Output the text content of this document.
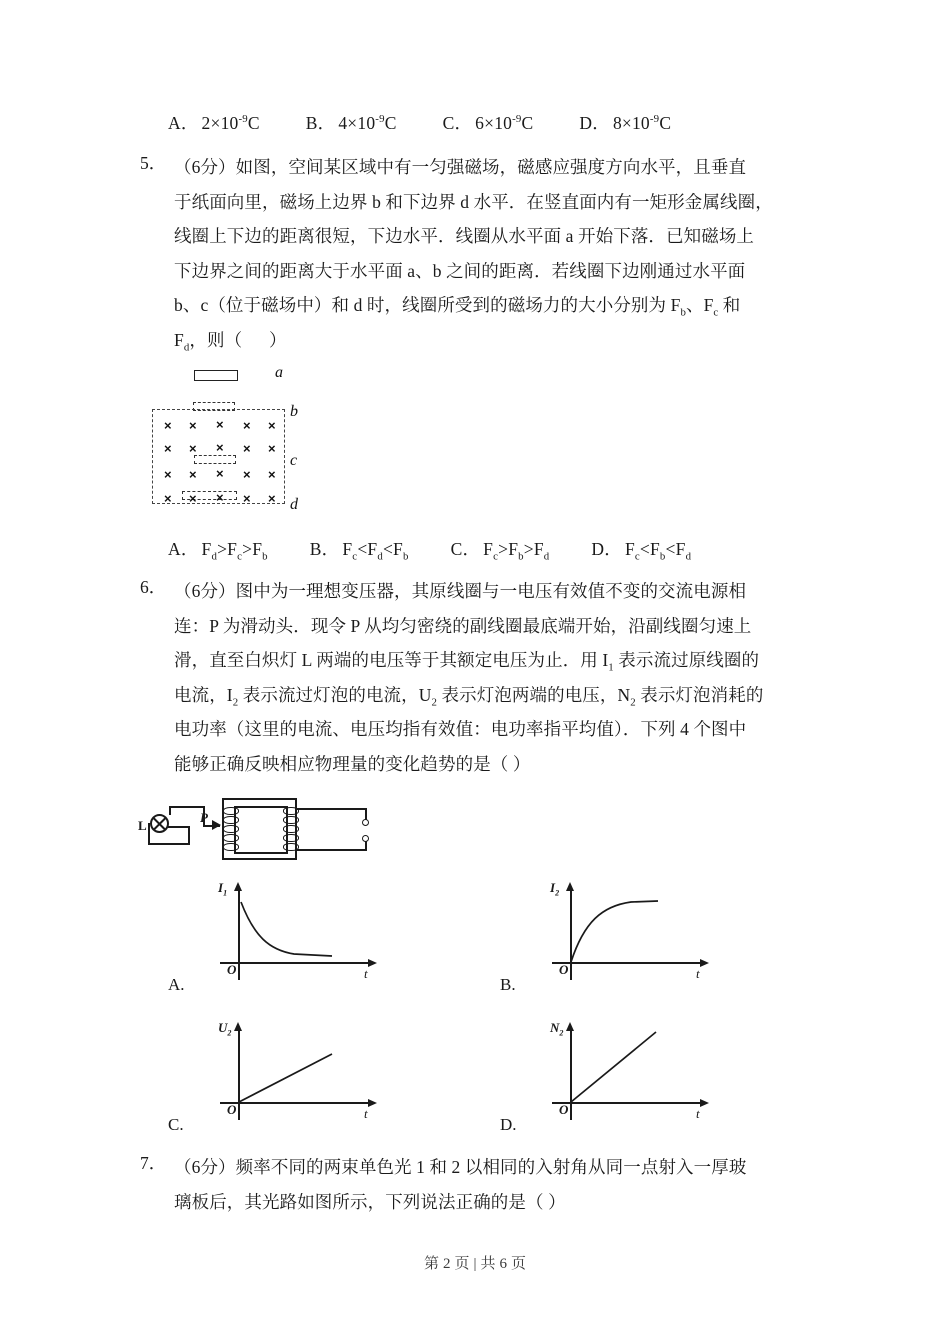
A． $2\times 10^{-9}C$	B． $4\times 10^{-9}C$	C． $6\times 10^{-9}C$	D． $8\times 10^{-9}C$
5． （6分）如图，空间某区域中有一匀强磁场，磁感应强度方向水平，且垂直
于纸面向里，磁场上边界 b 和下边界 d 水平．在竖直面内有一矩形金属线圈，
线圈上下边的距离很短，下边水平．线圈从水平面 a 开始下落．已知磁场上
下边界之间的距离大于水平面 a、b 之间的距离．若线圈下边刚通过水平面
b、c（位于磁场中）和 d 时，线圈所受到的磁场力的大小分别为 $F_b$、$F_c$ 和
$F_d$，则（      ）
a
× × × × ×
× × × × ×
× × × × ×
× × × × ×
b
c
d
A． $F_d>F_c>F_b$ B． $F_c<F_d<F_b$ C． $F_c>F_b>F_d$ D． $F_c<F_b<F_d$
6． （6分）图中为一理想变压器，其原线圈与一电压有效值不变的交流电源相
连：P 为滑动头．现令 P 从均匀密绕的副线圈最底端开始，沿副线圈匀速上
滑，直至白炽灯 L 两端的电压等于其额定电压为止．用 $I_1$ 表示流过原线圈的
电流，$I_2$ 表示流过灯泡的电流，$U_2$ 表示灯泡两端的电压，$N_2$ 表示灯泡消耗的
电功率（这里的电流、电压均指有效值：电功率指平均值）．下列 4 个图中
能够正确反映相应物理量的变化趋势的是（ ）
L
P
A.
$I_1$
t
O
B.
$I_2$
t
O
C.
$U_2$
t
O
D.
$N_2$
t
O
7． （6分）频率不同的两束单色光 1 和 2 以相同的入射角从同一点射入一厚玻
璃板后，其光路如图所示，下列说法正确的是（ ）
第 2 页 | 共 6 页
